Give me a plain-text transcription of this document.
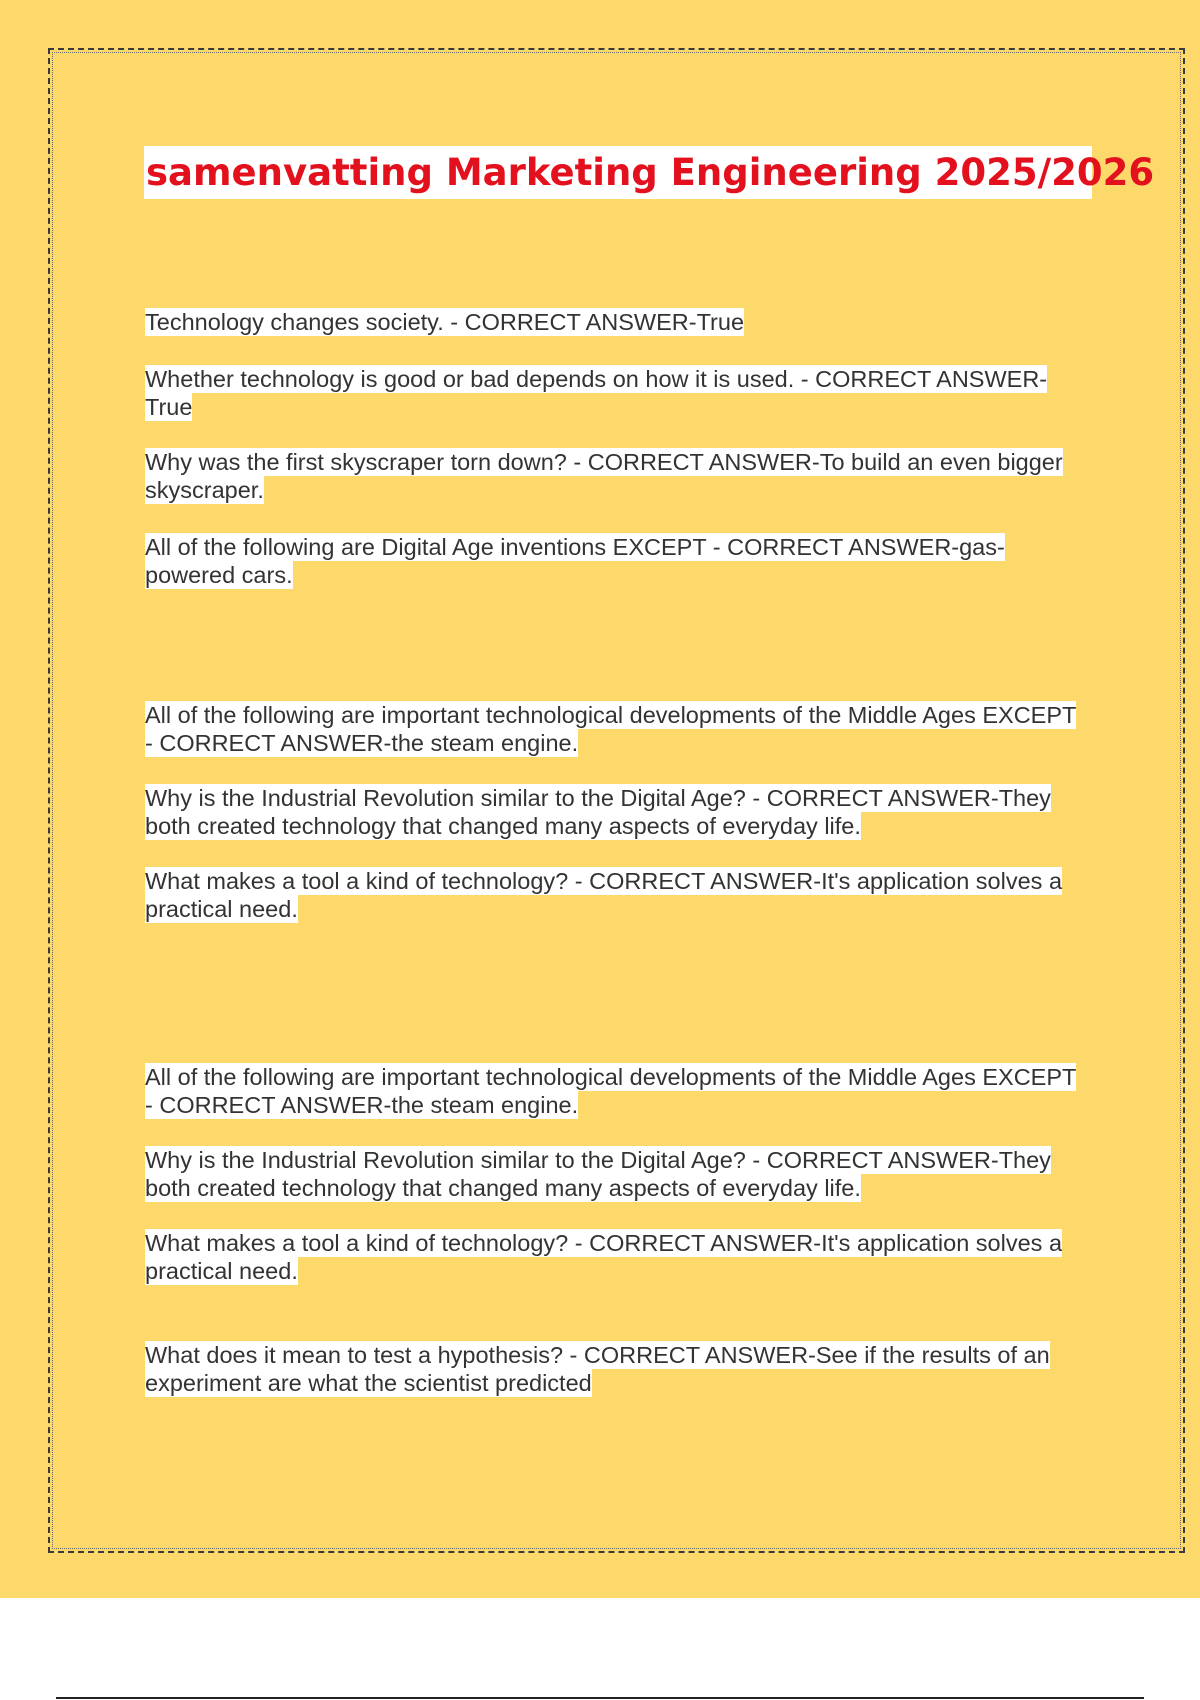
samenvatting Marketing Engineering 2025/2026

Technology changes society. - CORRECT ANSWER-True

Whether technology is good or bad depends on how it is used. - CORRECT ANSWER-True

Why was the first skyscraper torn down? - CORRECT ANSWER-To build an even bigger skyscraper.

All of the following are Digital Age inventions EXCEPT - CORRECT ANSWER-gas-powered cars.

All of the following are important technological developments of the Middle Ages EXCEPT - CORRECT ANSWER-the steam engine.

Why is the Industrial Revolution similar to the Digital Age? - CORRECT ANSWER-They both created technology that changed many aspects of everyday life.

What makes a tool a kind of technology? - CORRECT ANSWER-It's application solves a practical need.

All of the following are important technological developments of the Middle Ages EXCEPT - CORRECT ANSWER-the steam engine.

Why is the Industrial Revolution similar to the Digital Age? - CORRECT ANSWER-They both created technology that changed many aspects of everyday life.

What makes a tool a kind of technology? - CORRECT ANSWER-It's application solves a practical need.

What does it mean to test a hypothesis? - CORRECT ANSWER-See if the results of an experiment are what the scientist predicted
